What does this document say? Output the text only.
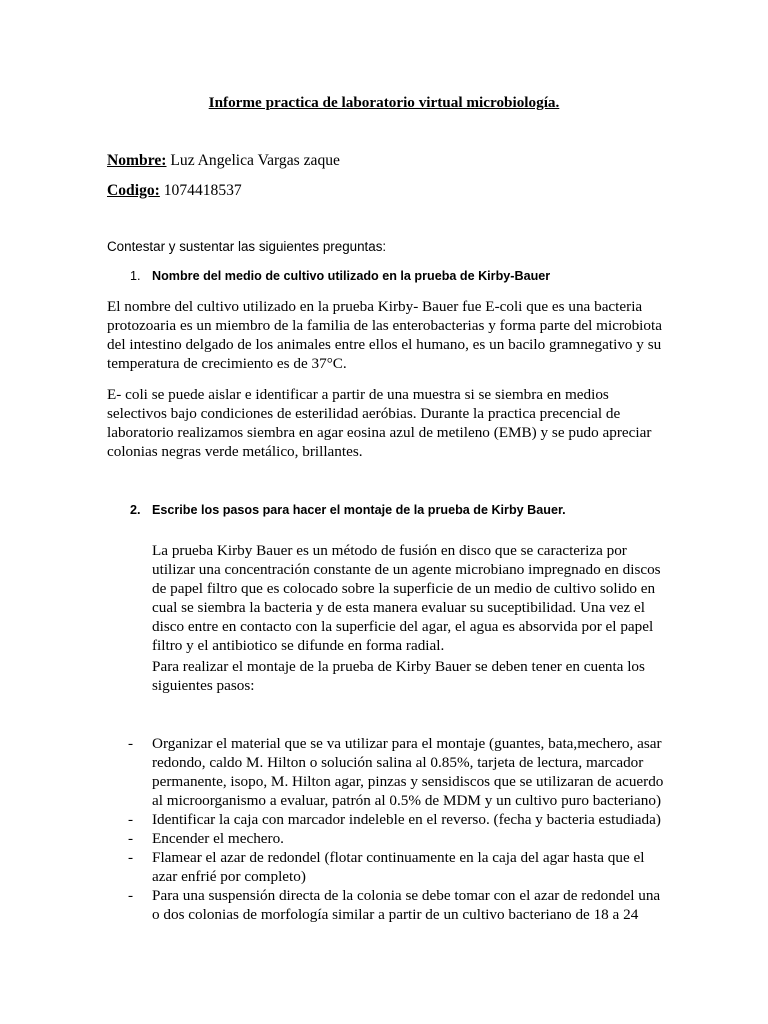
Informe practica de laboratorio virtual microbiología.
Nombre: Luz Angelica Vargas zaque
Codigo: 1074418537
Contestar y sustentar las siguientes preguntas:
1. Nombre del medio de cultivo utilizado en la prueba de Kirby-Bauer

El nombre del cultivo utilizado en la prueba Kirby- Bauer fue E-coli que es una bacteria protozoaria es un miembro de la familia de las enterobacterias y forma parte del microbiota del intestino delgado de los animales entre ellos el humano, es un bacilo gramnegativo y su temperatura de crecimiento es de 37°C.

E- coli se puede aislar e identificar a partir de una muestra si se siembra en medios selectivos bajo condiciones de esterilidad aeróbias. Durante la practica precencial de laboratorio realizamos siembra en agar eosina azul de metileno (EMB) y se pudo apreciar colonias negras verde metálico, brillantes.

2. Escribe los pasos para hacer el montaje de la prueba de Kirby Bauer.

La prueba Kirby Bauer es un método de fusión en disco que se caracteriza por utilizar una concentración constante de un agente microbiano impregnado en discos de papel filtro que es colocado sobre la superficie de un medio de cultivo solido en cual se siembra la bacteria y de esta manera evaluar su suceptibilidad. Una vez el disco entre en contacto con la superficie del agar, el agua es absorvida por el papel filtro y el antibiotico se difunde en forma radial.

Para realizar el montaje de la prueba de Kirby Bauer se deben tener en cuenta los siguientes pasos:

- Organizar el material que se va utilizar para el montaje (guantes, bata,mechero, asar redondo, caldo M. Hilton o solución salina al 0.85%, tarjeta de lectura, marcador permanente, isopo, M. Hilton agar, pinzas y sensidiscos que se utilizaran de acuerdo al microorganismo a evaluar, patrón al 0.5% de MDM y un cultivo puro bacteriano)
- Identificar la caja con marcador indeleble en el reverso. (fecha y bacteria estudiada)
- Encender el mechero.
- Flamear el azar de redondel (flotar continuamente en la caja del agar hasta que el azar enfrié por completo)
- Para una suspensión directa de la colonia se debe tomar con el azar de redondel una o dos colonias de morfología similar a partir de un cultivo bacteriano de 18 a 24
